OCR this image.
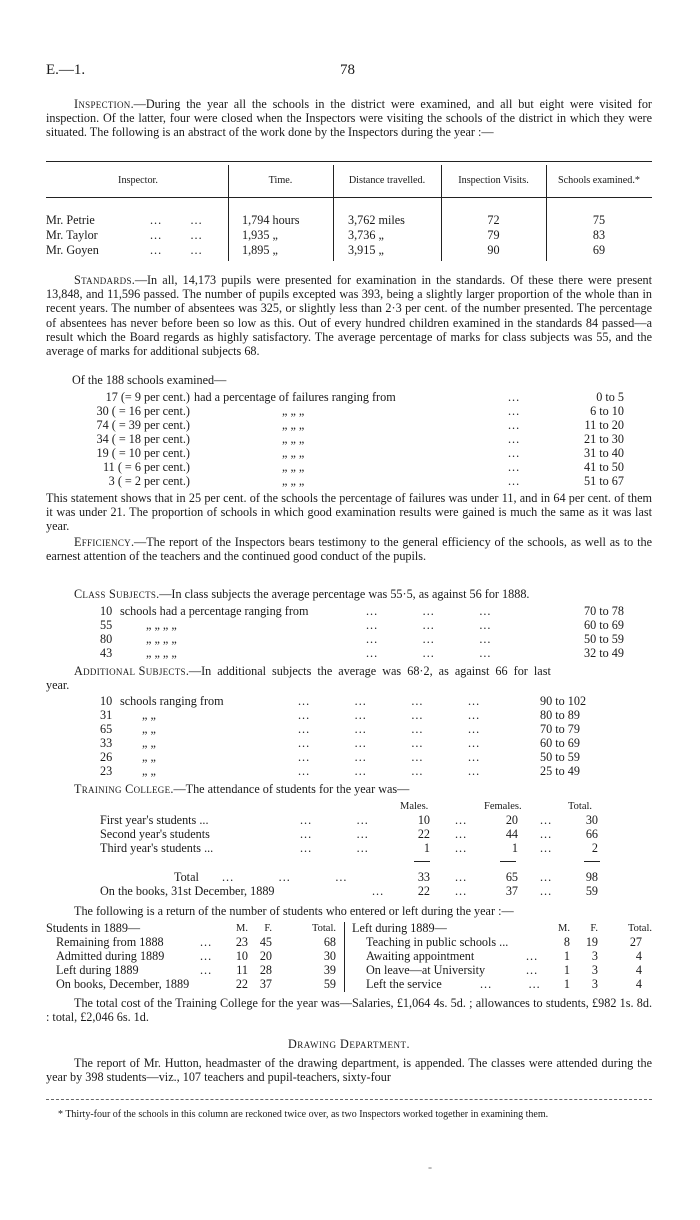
E.—1.	78
Inspection.—During the year all the schools in the district were examined, and all but eight were visited for inspection. Of the latter, four were closed when the Inspectors were visiting the schools of the district in which they were situated. The following is an abstract of the work done by the Inspectors during the year :—
Inspector.	Time.	Distance travelled.	Inspection Visits.	Schools examined.*
Mr. Petrie	...       ...	1,794 hours	3,762 miles	72	75
Mr. Taylor	...       ...	1,935 „	3,736 „	79	83
Mr. Goyen	...       ...	1,895 „	3,915 „	90	69
Standards.—In all, 14,173 pupils were presented for examination in the standards. Of these there were present 13,848, and 11,596 passed. The number of pupils excepted was 393, being a slightly larger proportion of the whole than in recent years. The number of absentees was 325, or slightly less than 2·3 per cent. of the number presented. The percentage of absentees has never before been so low as this. Out of every hundred children examined in the standards 84 passed—a result which the Board regards as highly satisfactory. The average percentage of marks for class subjects was 55, and the average of marks for additional subjects 68.
Of the 188 schools examined—
17 (= 9 per cent.) had a percentage of failures ranging from	...	0 to 5
30 ( = 16 per cent.)	„ „ „	...	6 to 10
74 ( = 39 per cent.)	„ „ „	...	11 to 20
34 ( = 18 per cent.)	„ „ „	...	21 to 30
19 ( = 10 per cent.)	„ „ „	...	31 to 40
11 ( = 6 per cent.)	„ „ „	...	41 to 50
3 ( = 2 per cent.)	„ „ „	...	51 to 67
This statement shows that in 25 per cent. of the schools the percentage of failures was under 11, and in 64 per cent. of them it was under 21. The proportion of schools in which good examination results were gained is much the same as it was last year.
Efficiency.—The report of the Inspectors bears testimony to the general efficiency of the schools, as well as to the earnest attention of the teachers and the continued good conduct of the pupils.
Class Subjects.—In class subjects the average percentage was 55·5, as against 56 for 1888.
10 schools had a percentage ranging from	...           ...           ...	70 to 78
55	„ „ „ „	...           ...           ...	60 to 69
80	„ „ „ „	...           ...           ...	50 to 59
43	„ „ „ „	...           ...           ...	32 to 49
Additional Subjects.—In additional subjects the average was 68·2, as against 66 for last
year.
10 schools ranging from	...           ...           ...           ...	90 to 102
31 „ „	...           ...           ...           ...	80 to 89
65 „ „	...           ...           ...           ...	70 to 79
33 „ „	...           ...           ...           ...	60 to 69
26 „ „	...           ...           ...           ...	50 to 59
23 „ „	...           ...           ...           ...	25 to 49
Training College.—The attendance of students for the year was—
Males.	Females.	Total.
First year's students ...	...           ...	10 ...	20 ...	30
Second year's students	...           ...	22 ...	44 ...	66
Third year's students ...	...           ...	1 ...	1 ...	2
Total ...           ...           ...	33 ...	65 ...	98
On the books, 31st December, 1889	...	22 ...	37 ...	59
The following is a return of the number of students who entered or left during the year :—
Students in 1889—	M.	F.	Total.
Remaining from 1888	...	23 45	68
Admitted during 1889	...	10 20	30
Left during 1889	...	11 28	39
On books, December, 1889	22 37	59
Left during 1889—	M.	F.	Total.
Teaching in public schools ...	8	19	27
Awaiting appointment	...	1	3	4
On leave—at University	...	1	3	4
Left the service	...         ...	1	3	4
The total cost of the Training College for the year was—Salaries, £1,064 4s. 5d. ; allowances to students, £982 1s. 8d. : total, £2,046 6s. 1d.
Drawing Department.
The report of Mr. Hutton, headmaster of the drawing department, is appended. The classes were attended during the year by 398 students—viz., 107 teachers and pupil-teachers, sixty-four
* Thirty-four of the schools in this column are reckoned twice over, as two Inspectors worked together in examining them.
-
